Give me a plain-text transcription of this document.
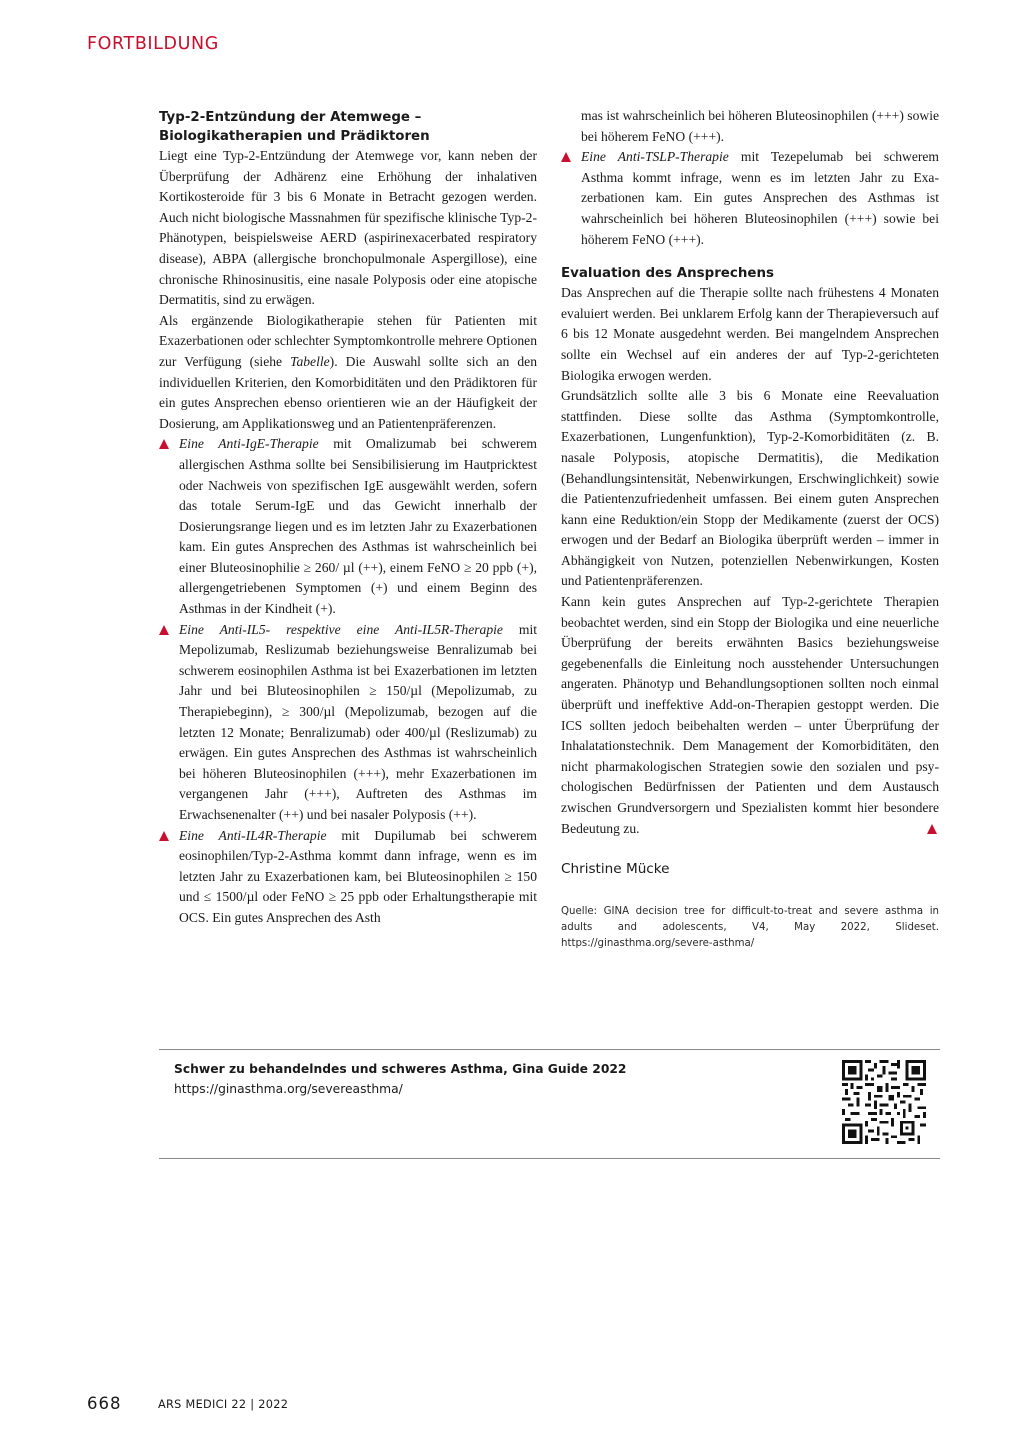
FORTBILDUNG
Typ-2-Entzündung der Atemwege –
Biologikatherapien und Prädiktoren

Liegt eine Typ-2-Entzündung der Atemwege vor, kann neben der Überprüfung der Adhärenz eine Erhöhung der inhalativen Kortikosteroide für 3 bis 6 Monate in Betracht gezogen werden. Auch nicht biologische Massnahmen für spezifische klinische Typ-2-Phänotypen, beispielsweise AERD (aspirinexacerbated respiratory disease), ABPA (allergische bronchopulmonale Aspergillose), eine chronische Rhinosinusitis, eine nasale Polyposis oder eine atopische Dermatitis, sind zu erwägen.

Als ergänzende Biologikatherapie stehen für Patienten mit Exazerbationen oder schlechter Symptomkontrolle mehrere Optionen zur Verfügung (siehe Tabelle). Die Auswahl sollte sich an den individuellen Kriterien, den Komorbiditäten und den Prädiktoren für ein gutes Ansprechen ebenso orientieren wie an der Häufigkeit der Dosierung, am Applikationsweg und an Patientenpräferenzen.

Eine Anti-IgE-Therapie mit Omalizumab bei schwerem allergischen Asthma sollte bei Sensibilisierung im Hautpricktest oder Nachweis von spezifischen IgE ausgewählt werden, sofern das totale Serum-IgE und das Gewicht innerhalb der Dosierungsrange liegen und es im letzten Jahr zu Exazerbationen kam. Ein gutes Ansprechen des Asthmas ist wahrscheinlich bei einer Bluteosinophilie ≥ 260/ µl (++), einem FeNO ≥ 20 ppb (+), allergengetriebenen Symptomen (+) und einem Beginn des Asthmas in der Kindheit (+).
Eine Anti-IL5- respektive eine Anti-IL5R-Therapie mit Mepolizumab, Reslizumab beziehungsweise Benralizumab bei schwerem eosinophilen Asthma ist bei Exazerbationen im letzten Jahr und bei Bluteosinophilen ≥ 150/µl (Mepolizumab, zu Therapiebeginn), ≥ 300/µl (Mepolizumab, bezogen auf die letzten 12 Monate; Benralizumab) oder 400/µl (Reslizumab) zu erwägen. Ein gutes Ansprechen des Asthmas ist wahrscheinlich bei höheren Bluteosinophilen (+++), mehr Exazerbationen im vergangenen Jahr (+++), Auftreten des Asthmas im Erwachsenenalter (++) und bei nasaler Polyposis (++).
Eine Anti-IL4R-Therapie mit Dupilumab bei schwerem eosinophilen/Typ-2-Asthma kommt dann infrage, wenn es im letzten Jahr zu Exazerbationen kam, bei Bluteosinophilen ≥ 150 und ≤ 1500/µl oder FeNO ≥ 25 ppb oder Erhaltungstherapie mit OCS. Ein gutes Ansprechen des Asth
mas ist wahrscheinlich bei höheren Bluteosinophilen (+++) sowie bei höherem FeNO (+++).
Eine Anti-TSLP-Therapie mit Tezepelumab bei schwerem Asthma kommt infrage, wenn es im letzten Jahr zu Exazerbationen kam. Ein gutes Ansprechen des Asthmas ist wahrscheinlich bei höheren Bluteosinophilen (+++) sowie bei höherem FeNO (+++).
Evaluation des Ansprechens

Das Ansprechen auf die Therapie sollte nach frühestens 4 Monaten evaluiert werden. Bei unklarem Erfolg kann der Therapieversuch auf 6 bis 12 Monate ausgedehnt werden. Bei mangelndem Ansprechen sollte ein Wechsel auf ein anderes der auf Typ-2-gerichteten Biologika erwogen werden.

Grundsätzlich sollte alle 3 bis 6 Monate eine Reevaluation stattfinden. Diese sollte das Asthma (Symptomkontrolle, Exazerbationen, Lungenfunktion), Typ-2-Komorbiditäten (z. B. nasale Polyposis, atopische Dermatitis), die Medikation (Behandlungsintensität, Nebenwirkungen, Erschwinglichkeit) sowie die Patientenzufriedenheit umfassen. Bei einem guten Ansprechen kann eine Reduktion/ein Stopp der Medikamente (zuerst der OCS) erwogen und der Bedarf an Biologika überprüft werden – immer in Abhängigkeit von Nutzen, potenziellen Nebenwirkungen, Kosten und Patientenpräferenzen.

Kann kein gutes Ansprechen auf Typ-2-gerichtete Therapien beobachtet werden, sind ein Stopp der Biologika und eine neuerliche Überprüfung der bereits erwähnten Basics beziehungsweise gegebenenfalls die Einleitung noch ausstehender Untersuchungen angeraten. Phänotyp und Behandlungsoptionen sollten noch einmal überprüft und ineffektive Add-on-Therapien gestoppt werden. Die ICS sollten jedoch beibehalten werden – unter Überprüfung der Inhalatationstechnik. Dem Management der Komorbiditäten, den nicht pharmakologischen Strategien sowie den sozialen und psychologischen Bedürfnissen der Patienten und dem Austausch zwischen Grundversorgern und Spezialisten kommt hier besondere Bedeutung zu.

Christine Mücke

Quelle: GINA decision tree for difficult-to-treat and severe asthma in adults and adolescents, V4, May 2022, Slideset. https://ginasthma.org/severe-asthma/

Schwer zu behandelndes und schweres Asthma, Gina Guide 2022
https://ginasthma.org/severeasthma/
668	ARS MEDICI 22 | 2022
